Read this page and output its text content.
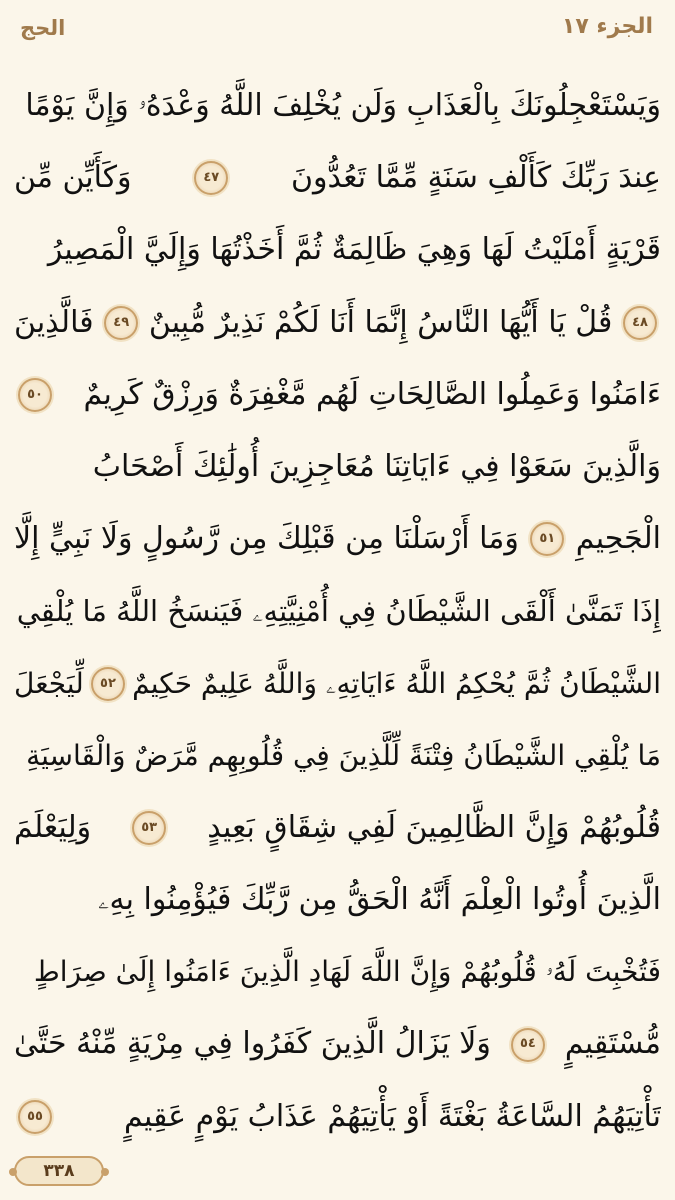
الجزء ١٧
الحج
وَيَسْتَعْجِلُونَكَ بِالْعَذَابِ وَلَن يُخْلِفَ اللَّهُ وَعْدَهُۥ وَإِنَّ يَوْمًا
عِندَ رَبِّكَ كَأَلْفِ سَنَةٍ مِّمَّا تَعُدُّونَ
٤٧
وَكَأَيِّن مِّن
قَرْيَةٍ أَمْلَيْتُ لَهَا وَهِيَ ظَالِمَةٌ ثُمَّ أَخَذْتُهَا وَإِلَيَّ الْمَصِيرُ
٤٨
قُلْ يَا أَيُّهَا النَّاسُ إِنَّمَا أَنَا لَكُمْ نَذِيرٌ مُّبِينٌ
٤٩
فَالَّذِينَ
ءَامَنُوا وَعَمِلُوا الصَّالِحَاتِ لَهُم مَّغْفِرَةٌ وَرِزْقٌ كَرِيمٌ
٥٠
وَالَّذِينَ سَعَوْا فِي ءَايَاتِنَا مُعَاجِزِينَ أُولَٰئِكَ أَصْحَابُ
الْجَحِيمِ
٥١
وَمَا أَرْسَلْنَا مِن قَبْلِكَ مِن رَّسُولٍ وَلَا نَبِيٍّ إِلَّا
إِذَا تَمَنَّىٰ أَلْقَى الشَّيْطَانُ فِي أُمْنِيَّتِهِۦ فَيَنسَخُ اللَّهُ مَا يُلْقِي
الشَّيْطَانُ ثُمَّ يُحْكِمُ اللَّهُ ءَايَاتِهِۦ وَاللَّهُ عَلِيمٌ حَكِيمٌ
٥٢
لِّيَجْعَلَ
مَا يُلْقِي الشَّيْطَانُ فِتْنَةً لِّلَّذِينَ فِي قُلُوبِهِم مَّرَضٌ وَالْقَاسِيَةِ
قُلُوبُهُمْ وَإِنَّ الظَّالِمِينَ لَفِي شِقَاقٍ بَعِيدٍ
٥٣
وَلِيَعْلَمَ
الَّذِينَ أُوتُوا الْعِلْمَ أَنَّهُ الْحَقُّ مِن رَّبِّكَ فَيُؤْمِنُوا بِهِۦ
فَتُخْبِتَ لَهُۥ قُلُوبُهُمْ وَإِنَّ اللَّهَ لَهَادِ الَّذِينَ ءَامَنُوا إِلَىٰ صِرَاطٍ
مُّسْتَقِيمٍ
٥٤
وَلَا يَزَالُ الَّذِينَ كَفَرُوا فِي مِرْيَةٍ مِّنْهُ حَتَّىٰ
تَأْتِيَهُمُ السَّاعَةُ بَغْتَةً أَوْ يَأْتِيَهُمْ عَذَابُ يَوْمٍ عَقِيمٍ
٥٥
٣٣٨
